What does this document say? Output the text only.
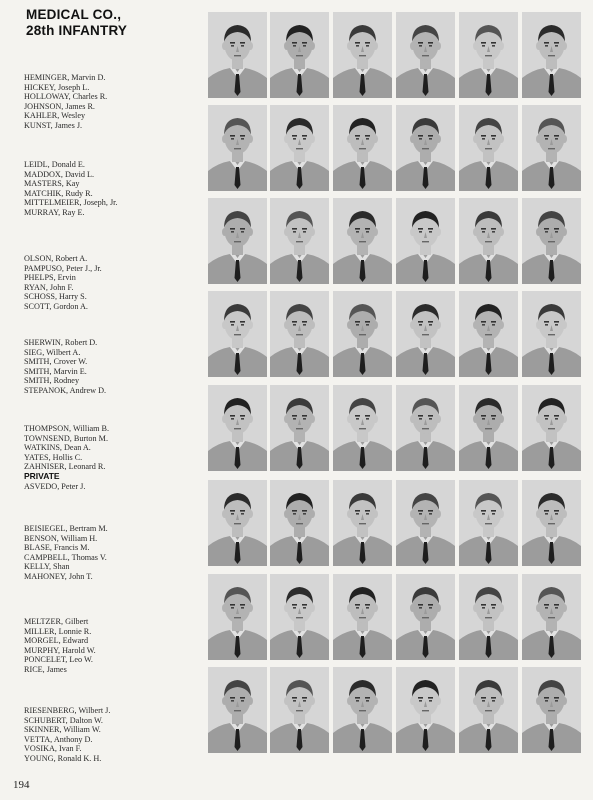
MEDICAL CO.,
28th INFANTRY
HEMINGER, Marvin D.
HICKEY, Joseph L.
HOLLOWAY, Charles R.
JOHNSON, James R.
KAHLER, Wesley
KUNST, James J.
LEIDL, Donald E.
MADDOX, David L.
MASTERS, Kay
MATCHIK, Rudy R.
MITTELMEIER, Joseph, Jr.
MURRAY, Ray E.
OLSON, Robert A.
PAMPUSO, Peter J., Jr.
PHELPS, Ervin
RYAN, John F.
SCHOSS, Harry S.
SCOTT, Gordon A.
SHERWIN, Robert D.
SIEG, Wilbert A.
SMITH, Crover W.
SMITH, Marvin E.
SMITH, Rodney
STEPANOK, Andrew D.
THOMPSON, William B.
TOWNSEND, Burton M.
WATKINS, Dean A.
YATES, Hollis C.
ZAHNISER, Leonard R.
PRIVATE
ASVEDO, Peter J.
BEISIEGEL, Bertram M.
BENSON, William H.
BLASE, Francis M.
CAMPBELL, Thomas V.
KELLY, Shan
MAHONEY, John T.
MELTZER, Gilbert
MILLER, Lonnie R.
MORGEL, Edward
MURPHY, Harold W.
PONCELET, Leo W.
RICE, James
RIESENBERG, Wilbert J.
SCHUBERT, Dalton W.
SKINNER, William W.
VETTA, Anthony D.
VOSIKA, Ivan F.
YOUNG, Ronald K. H.
194
